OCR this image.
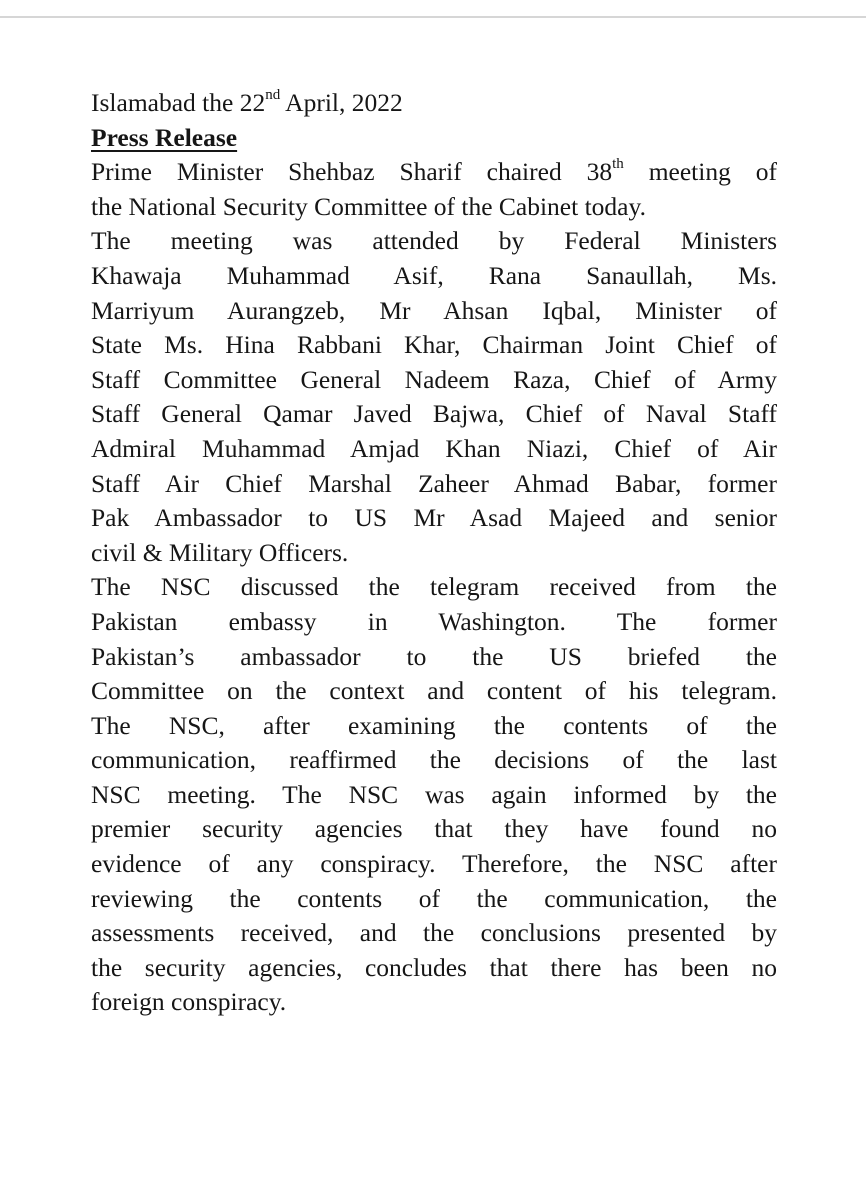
Islamabad the 22nd April, 2022

Press Release

Prime Minister Shehbaz Sharif chaired 38th meeting of
the National Security Committee of the Cabinet today.

The meeting was attended by Federal Ministers
Khawaja Muhammad Asif, Rana Sanaullah, Ms.
Marriyum Aurangzeb, Mr Ahsan Iqbal, Minister of
State Ms. Hina Rabbani Khar, Chairman Joint Chief of
Staff Committee General Nadeem Raza, Chief of Army
Staff General Qamar Javed Bajwa, Chief of Naval Staff
Admiral Muhammad Amjad Khan Niazi, Chief of Air
Staff Air Chief Marshal Zaheer Ahmad Babar, former
Pak Ambassador to US Mr Asad Majeed and senior
civil & Military Officers.

The NSC discussed the telegram received from the
Pakistan embassy in Washington. The former
Pakistan’s ambassador to the US briefed the
Committee on the context and content of his telegram.
The NSC, after examining the contents of the
communication, reaffirmed the decisions of the last
NSC meeting. The NSC was again informed by the
premier security agencies that they have found no
evidence of any conspiracy. Therefore, the NSC after
reviewing the contents of the communication, the
assessments received, and the conclusions presented by
the security agencies, concludes that there has been no
foreign conspiracy.
